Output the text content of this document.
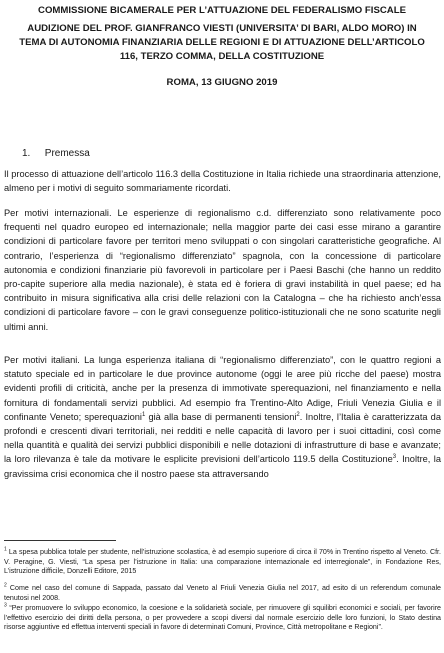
COMMISSIONE BICAMERALE PER L’ATTUAZIONE DEL FEDERALISMO FISCALE
AUDIZIONE DEL PROF. GIANFRANCO VIESTI (UNIVERSITA’ DI BARI, ALDO MORO) IN TEMA DI AUTONOMIA FINANZIARIA DELLE REGIONI E DI ATTUAZIONE DELL’ARTICOLO 116, TERZO COMMA, DELLA COSTITUZIONE
ROMA, 13 GIUGNO 2019
1. Premessa

Il processo di attuazione dell’articolo 116.3 della Costituzione in Italia richiede una straordinaria attenzione, almeno per i motivi di seguito sommariamente ricordati.

Per motivi internazionali. Le esperienze di regionalismo c.d. differenziato sono relativamente poco frequenti nel quadro europeo ed internazionale; nella maggior parte dei casi esse mirano a garantire condizioni di particolare favore per territori meno sviluppati o con singolari caratteristiche geografiche. Al contrario, l’esperienza di “regionalismo differenziato” spagnola, con la concessione di particolare autonomia e condizioni finanziarie più favorevoli in particolare per i Paesi Baschi (che hanno un reddito pro-capite superiore alla media nazionale), è stata ed è foriera di gravi instabilità in quel paese; ed ha contribuito in misura significativa alla crisi delle relazioni con la Catalogna – che ha richiesto anch’essa condizioni di particolare favore – con le gravi conseguenze politico-istituzionali che ne sono scaturite negli ultimi anni.

Per motivi italiani. La lunga esperienza italiana di “regionalismo differenziato”, con le quattro regioni a statuto speciale ed in particolare le due province autonome (oggi le aree più ricche del paese) mostra evidenti profili di criticità, anche per la presenza di immotivate sperequazioni, nel finanziamento e nella fornitura di fondamentali servizi pubblici. Ad esempio fra Trentino-Alto Adige, Friuli Venezia Giulia e il confinante Veneto; sperequazioni$^1$ già alla base di permanenti tensioni$^2$. Inoltre, l’Italia è caratterizzata da profondi e crescenti divari territoriali, nei redditi e nelle capacità di lavoro per i suoi cittadini, così come nella quantità e qualità dei servizi pubblici disponibili e nelle dotazioni di infrastrutture di base e avanzate; la loro rilevanza è tale da motivare le esplicite previsioni dell’articolo 119.5 della Costituzione$^3$. Inoltre, la gravissima crisi economica che il nostro paese sta attraversando

$^1$ La spesa pubblica totale per studente, nell’istruzione scolastica, è ad esempio superiore di circa il 70% in Trentino rispetto al Veneto. Cfr. V. Peragine, G. Viesti, “La spesa per l’istruzione in Italia: una comparazione internazionale ed interregionale”, in Fondazione Res, L’istruzione difficile, Donzelli Editore, 2015

$^2$ Come nel caso del comune di Sappada, passato dal Veneto al Friuli Venezia Giulia nel 2017, ad esito di un referendum comunale tenutosi nel 2008.

$^3$ “Per promuovere lo sviluppo economico, la coesione e la solidarietà sociale, per rimuovere gli squilibri economici e sociali, per favorire l’effettivo esercizio dei diritti della persona, o per provvedere a scopi diversi dal normale esercizio delle loro funzioni, lo Stato destina risorse aggiuntive ed effettua interventi speciali in favore di determinati Comuni, Province, Città metropolitane e Regioni”.
